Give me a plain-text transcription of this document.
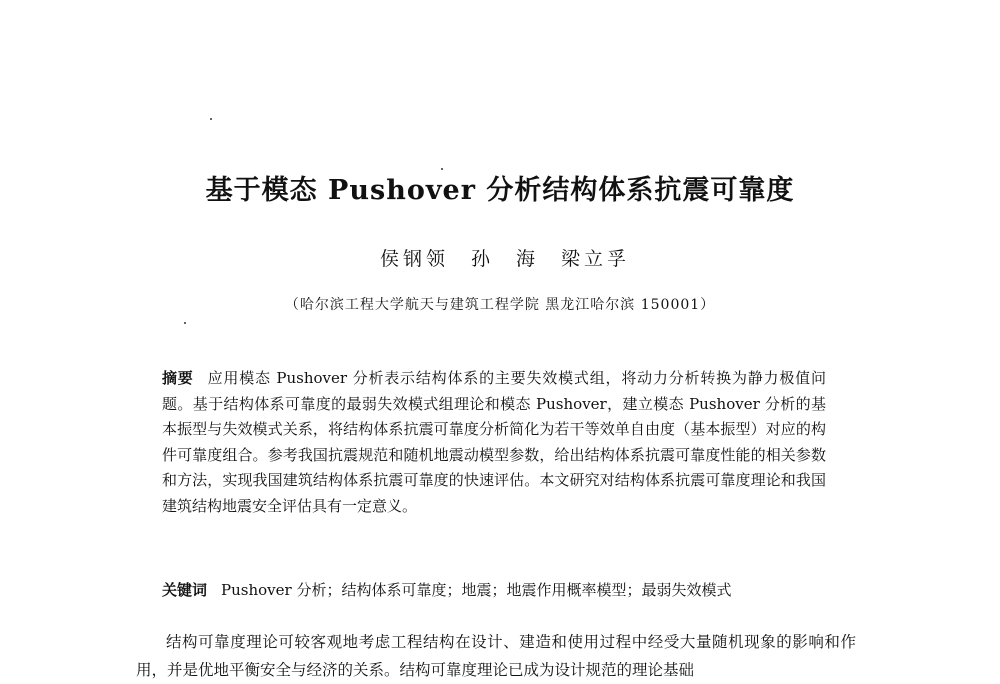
基于模态 Pushover 分析结构体系抗震可靠度
侯钢领 孙 海 梁立孚
（哈尔滨工程大学航天与建筑工程学院 黑龙江哈尔滨 150001）
摘要 应用模态 Pushover 分析表示结构体系的主要失效模式组，将动力分析转换为静力极值问题。基于结构体系可靠度的最弱失效模式组理论和模态 Pushover，建立模态 Pushover 分析的基本振型与失效模式关系，将结构体系抗震可靠度分析简化为若干等效单自由度（基本振型）对应的构件可靠度组合。参考我国抗震规范和随机地震动模型参数，给出结构体系抗震可靠度性能的相关参数和方法，实现我国建筑结构体系抗震可靠度的快速评估。本文研究对结构体系抗震可靠度理论和我国建筑结构地震安全评估具有一定意义。
关键词 Pushover 分析；结构体系可靠度；地震；地震作用概率模型；最弱失效模式
结构可靠度理论可较客观地考虑工程结构在设计、建造和使用过程中经受大量随机现象的影响和作用，并是优地平衡安全与经济的关系。结构可靠度理论已成为设计规范的理论基础
